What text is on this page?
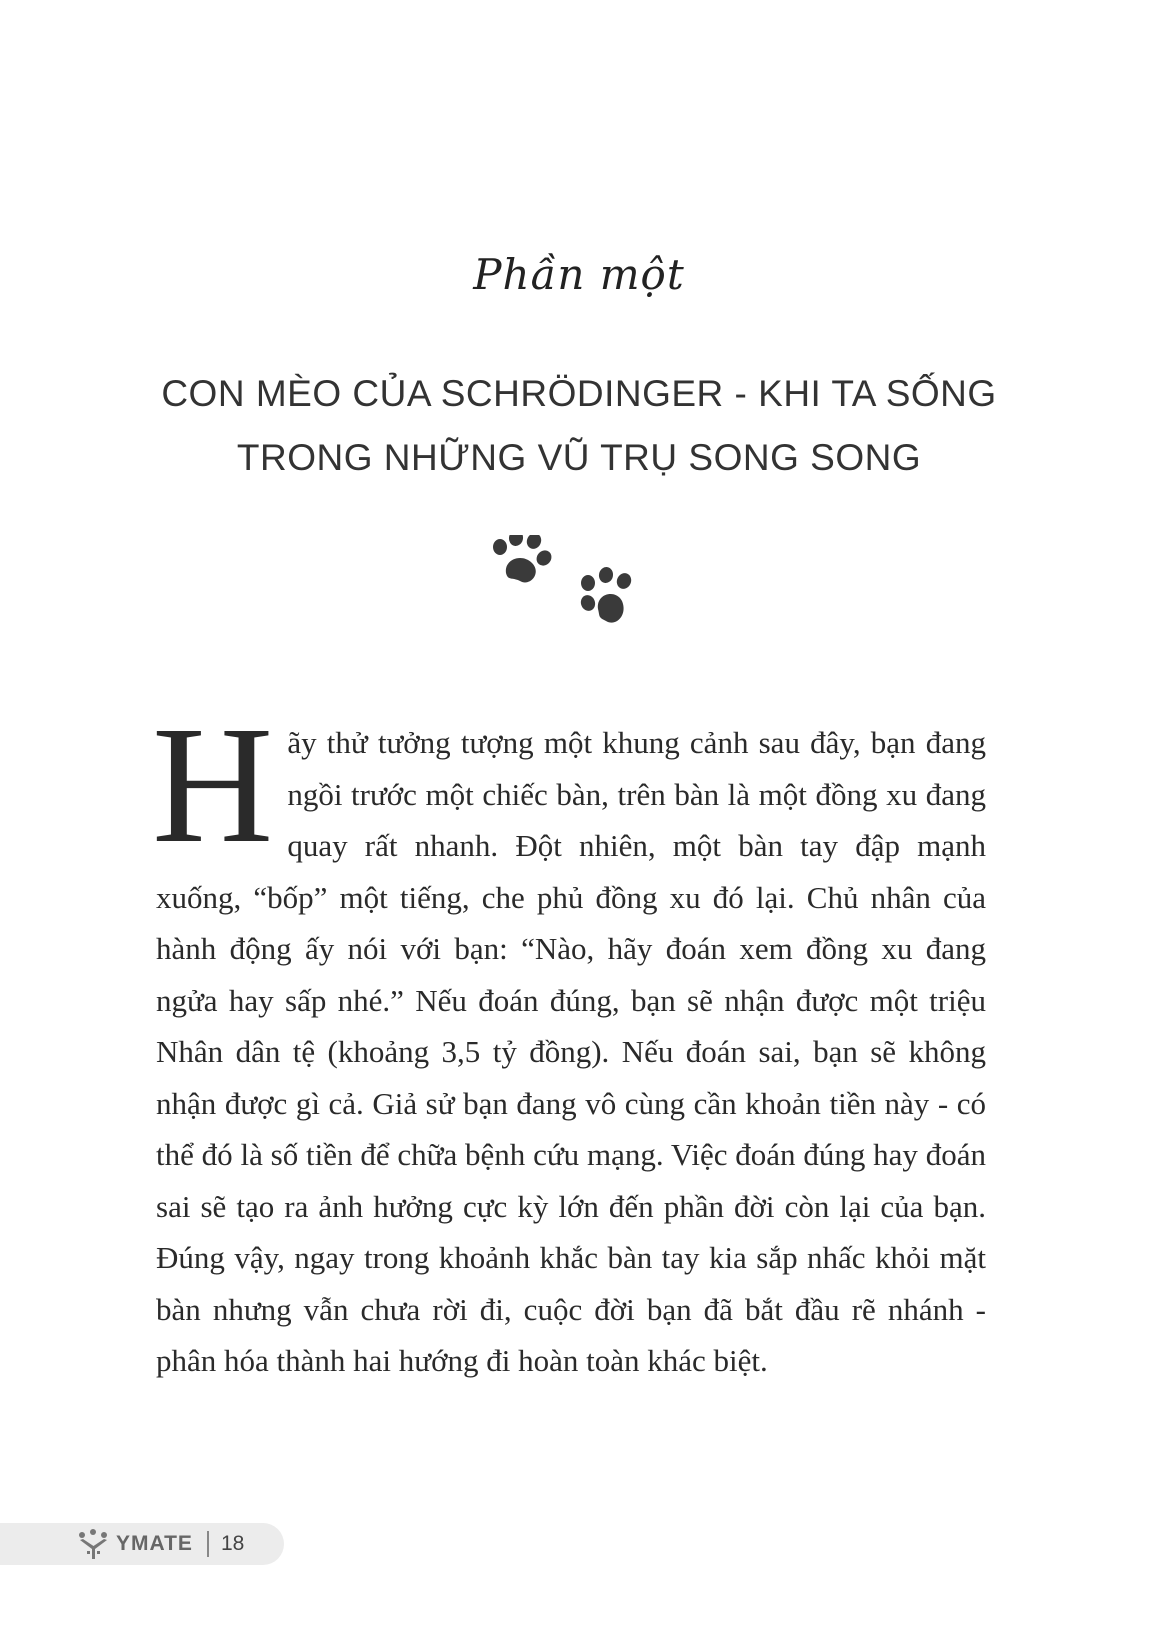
Phần một
CON MÈO CỦA SCHRÖDINGER - KHI TA SỐNG
TRONG NHỮNG VŨ TRỤ SONG SONG
Hãy thử tưởng tượng một khung cảnh sau đây, bạn đang ngồi trước một chiếc bàn, trên bàn là một đồng xu đang quay rất nhanh. Đột nhiên, một bàn tay đập mạnh xuống, “bốp” một tiếng, che phủ đồng xu đó lại. Chủ nhân của hành động ấy nói với bạn: “Nào, hãy đoán xem đồng xu đang ngửa hay sấp nhé.” Nếu đoán đúng, bạn sẽ nhận được một triệu Nhân dân tệ (khoảng 3,5 tỷ đồng). Nếu đoán sai, bạn sẽ không nhận được gì cả. Giả sử bạn đang vô cùng cần khoản tiền này - có thể đó là số tiền để chữa bệnh cứu mạng. Việc đoán đúng hay đoán sai sẽ tạo ra ảnh hưởng cực kỳ lớn đến phần đời còn lại của bạn. Đúng vậy, ngay trong khoảnh khắc bàn tay kia sắp nhấc khỏi mặt bàn nhưng vẫn chưa rời đi, cuộc đời bạn đã bắt đầu rẽ nhánh - phân hóa thành hai hướng đi hoàn toàn khác biệt.
YMATE 18
